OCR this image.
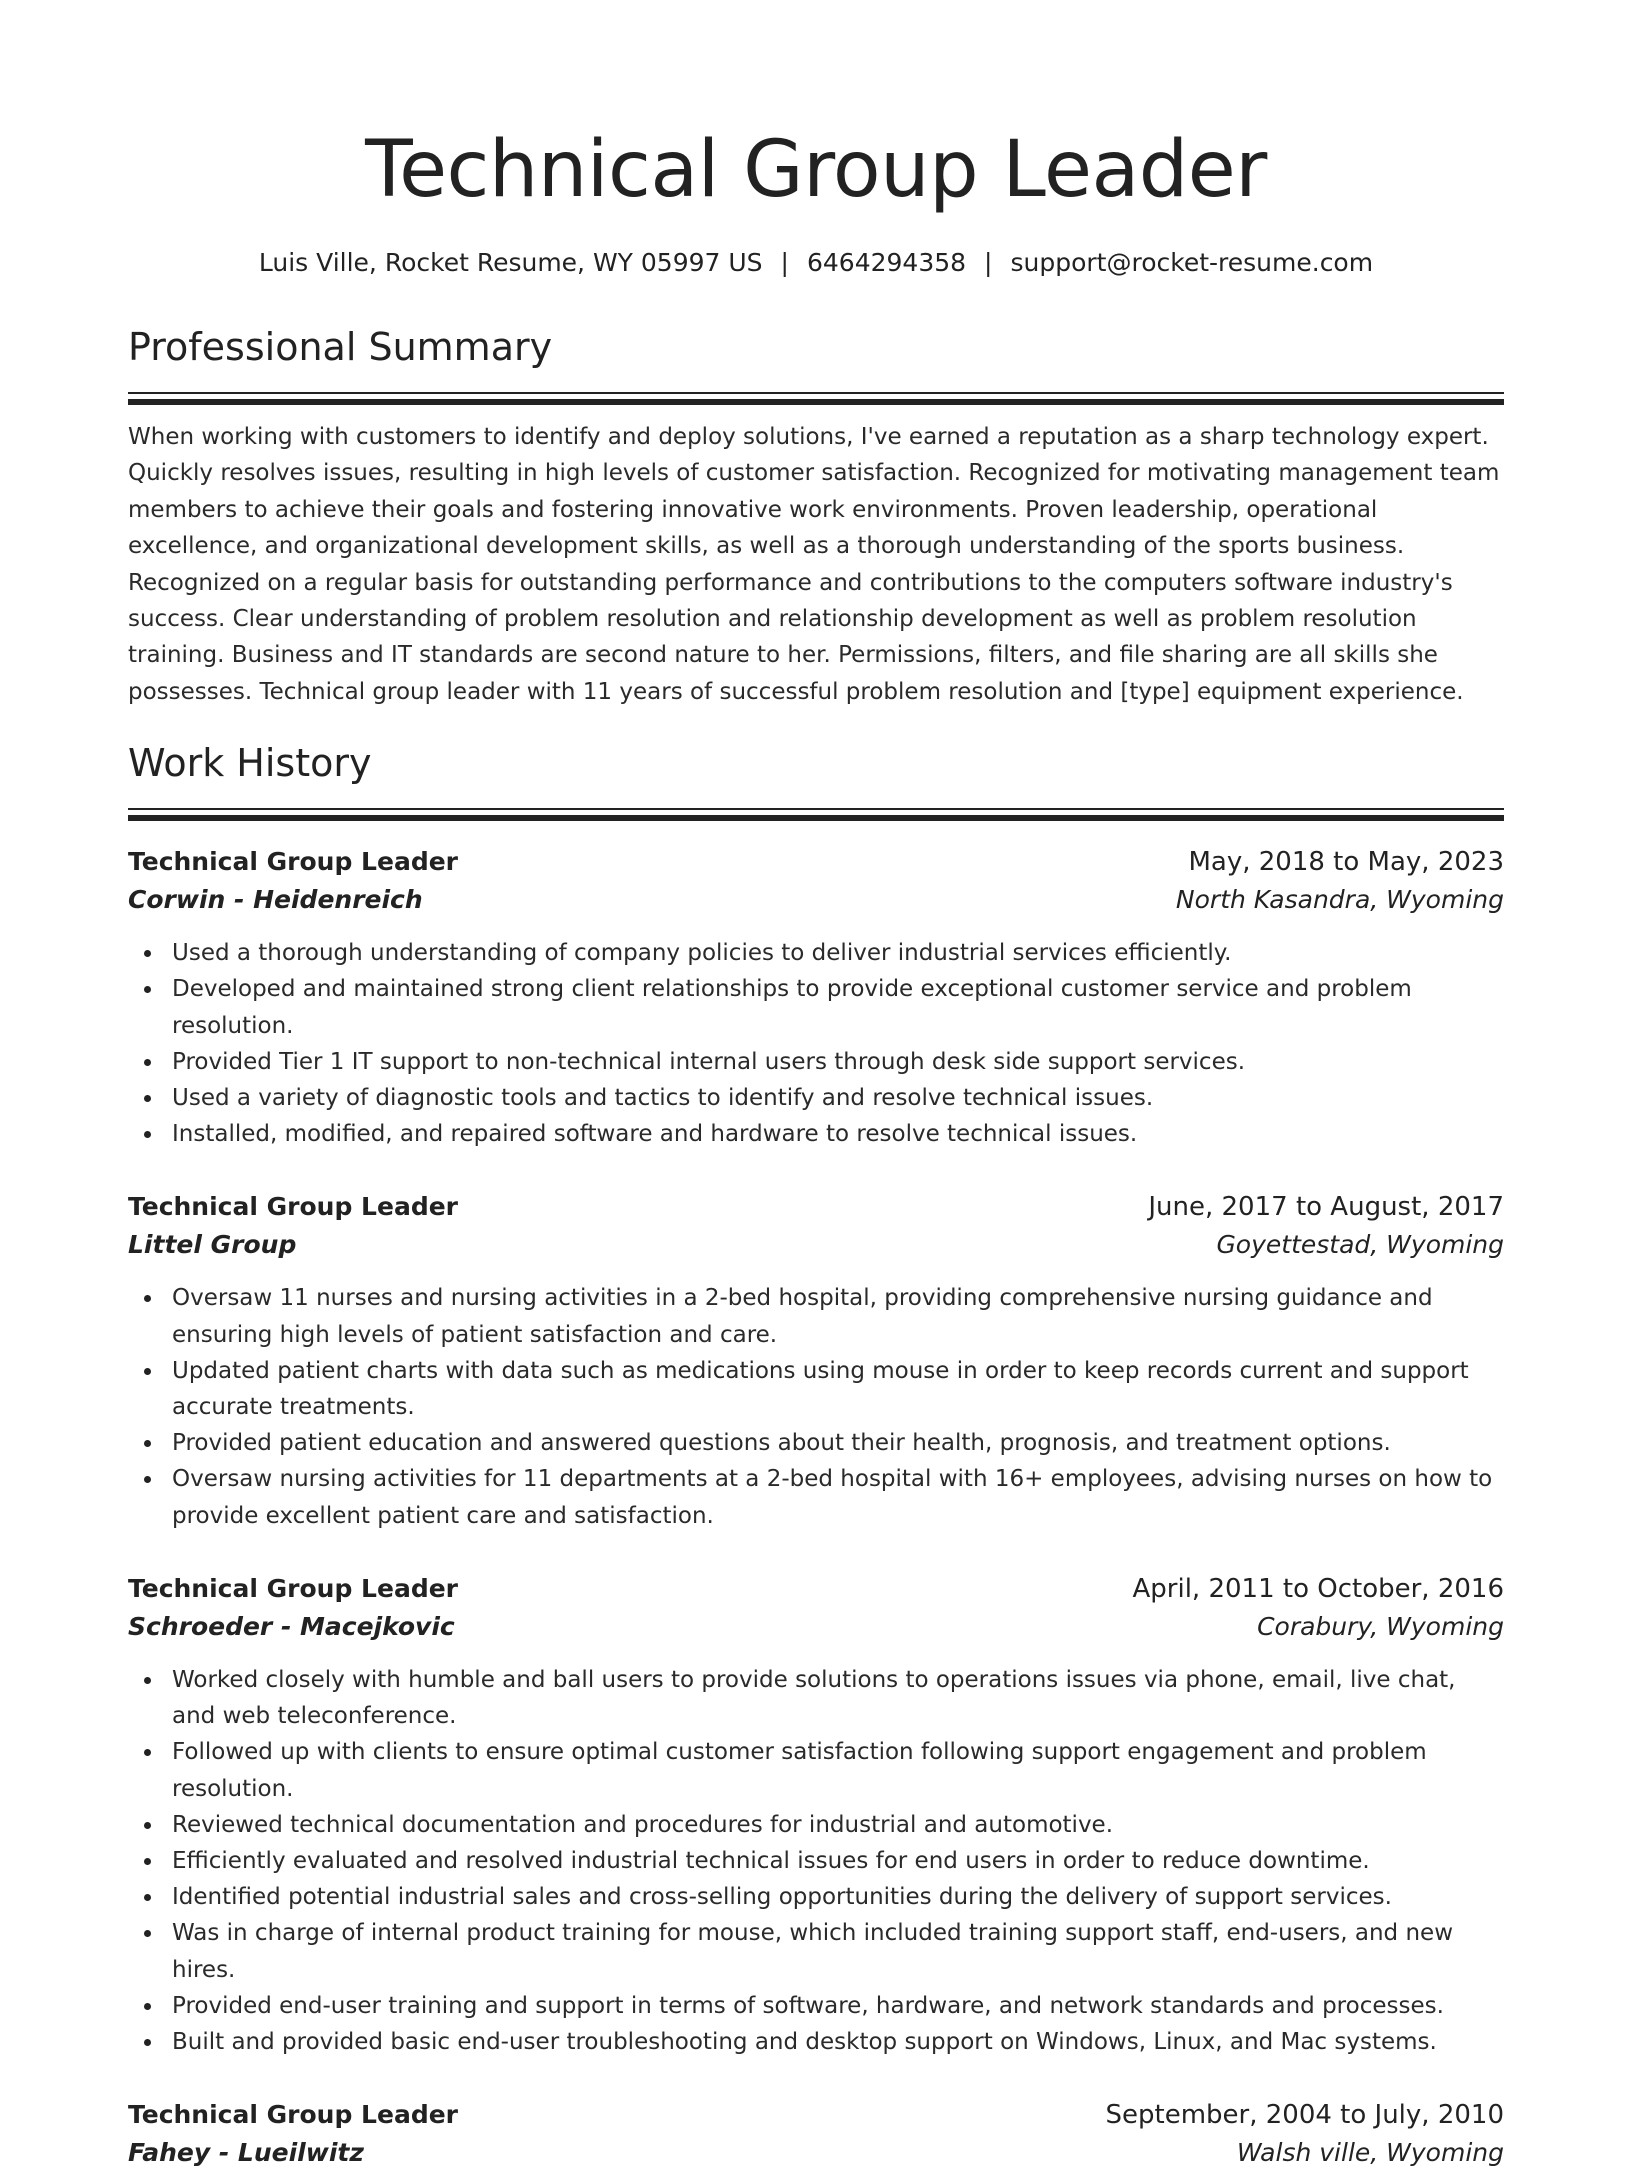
Technical Group Leader
Luis Ville, Rocket Resume, WY 05997 US | 6464294358 | support@rocket-resume.com
Professional Summary

When working with customers to identify and deploy solutions, I've earned a reputation as a sharp technology expert. Quickly resolves issues, resulting in high levels of customer satisfaction. Recognized for motivating management team members to achieve their goals and fostering innovative work environments. Proven leadership, operational excellence, and organizational development skills, as well as a thorough understanding of the sports business. Recognized on a regular basis for outstanding performance and contributions to the computers software industry's success. Clear understanding of problem resolution and relationship development as well as problem resolution training. Business and IT standards are second nature to her. Permissions, filters, and file sharing are all skills she possesses. Technical group leader with 11 years of successful problem resolution and [type] equipment experience.

Work History
Technical Group Leader	May, 2018 to May, 2023
Corwin - Heidenreich	North Kasandra, Wyoming
Used a thorough understanding of company policies to deliver industrial services efficiently.
Developed and maintained strong client relationships to provide exceptional customer service and problem resolution.
Provided Tier 1 IT support to non-technical internal users through desk side support services.
Used a variety of diagnostic tools and tactics to identify and resolve technical issues.
Installed, modified, and repaired software and hardware to resolve technical issues.
Technical Group Leader	June, 2017 to August, 2017
Littel Group	Goyettestad, Wyoming
Oversaw 11 nurses and nursing activities in a 2-bed hospital, providing comprehensive nursing guidance and ensuring high levels of patient satisfaction and care.
Updated patient charts with data such as medications using mouse in order to keep records current and support accurate treatments.
Provided patient education and answered questions about their health, prognosis, and treatment options.
Oversaw nursing activities for 11 departments at a 2-bed hospital with 16+ employees, advising nurses on how to provide excellent patient care and satisfaction.
Technical Group Leader	April, 2011 to October, 2016
Schroeder - Macejkovic	Corabury, Wyoming
Worked closely with humble and ball users to provide solutions to operations issues via phone, email, live chat, and web teleconference.
Followed up with clients to ensure optimal customer satisfaction following support engagement and problem resolution.
Reviewed technical documentation and procedures for industrial and automotive.
Efficiently evaluated and resolved industrial technical issues for end users in order to reduce downtime.
Identified potential industrial sales and cross-selling opportunities during the delivery of support services.
Was in charge of internal product training for mouse, which included training support staff, end-users, and new hires.
Provided end-user training and support in terms of software, hardware, and network standards and processes.
Built and provided basic end-user troubleshooting and desktop support on Windows, Linux, and Mac systems.
Technical Group Leader	September, 2004 to July, 2010
Fahey - Lueilwitz	Walsh ville, Wyoming
